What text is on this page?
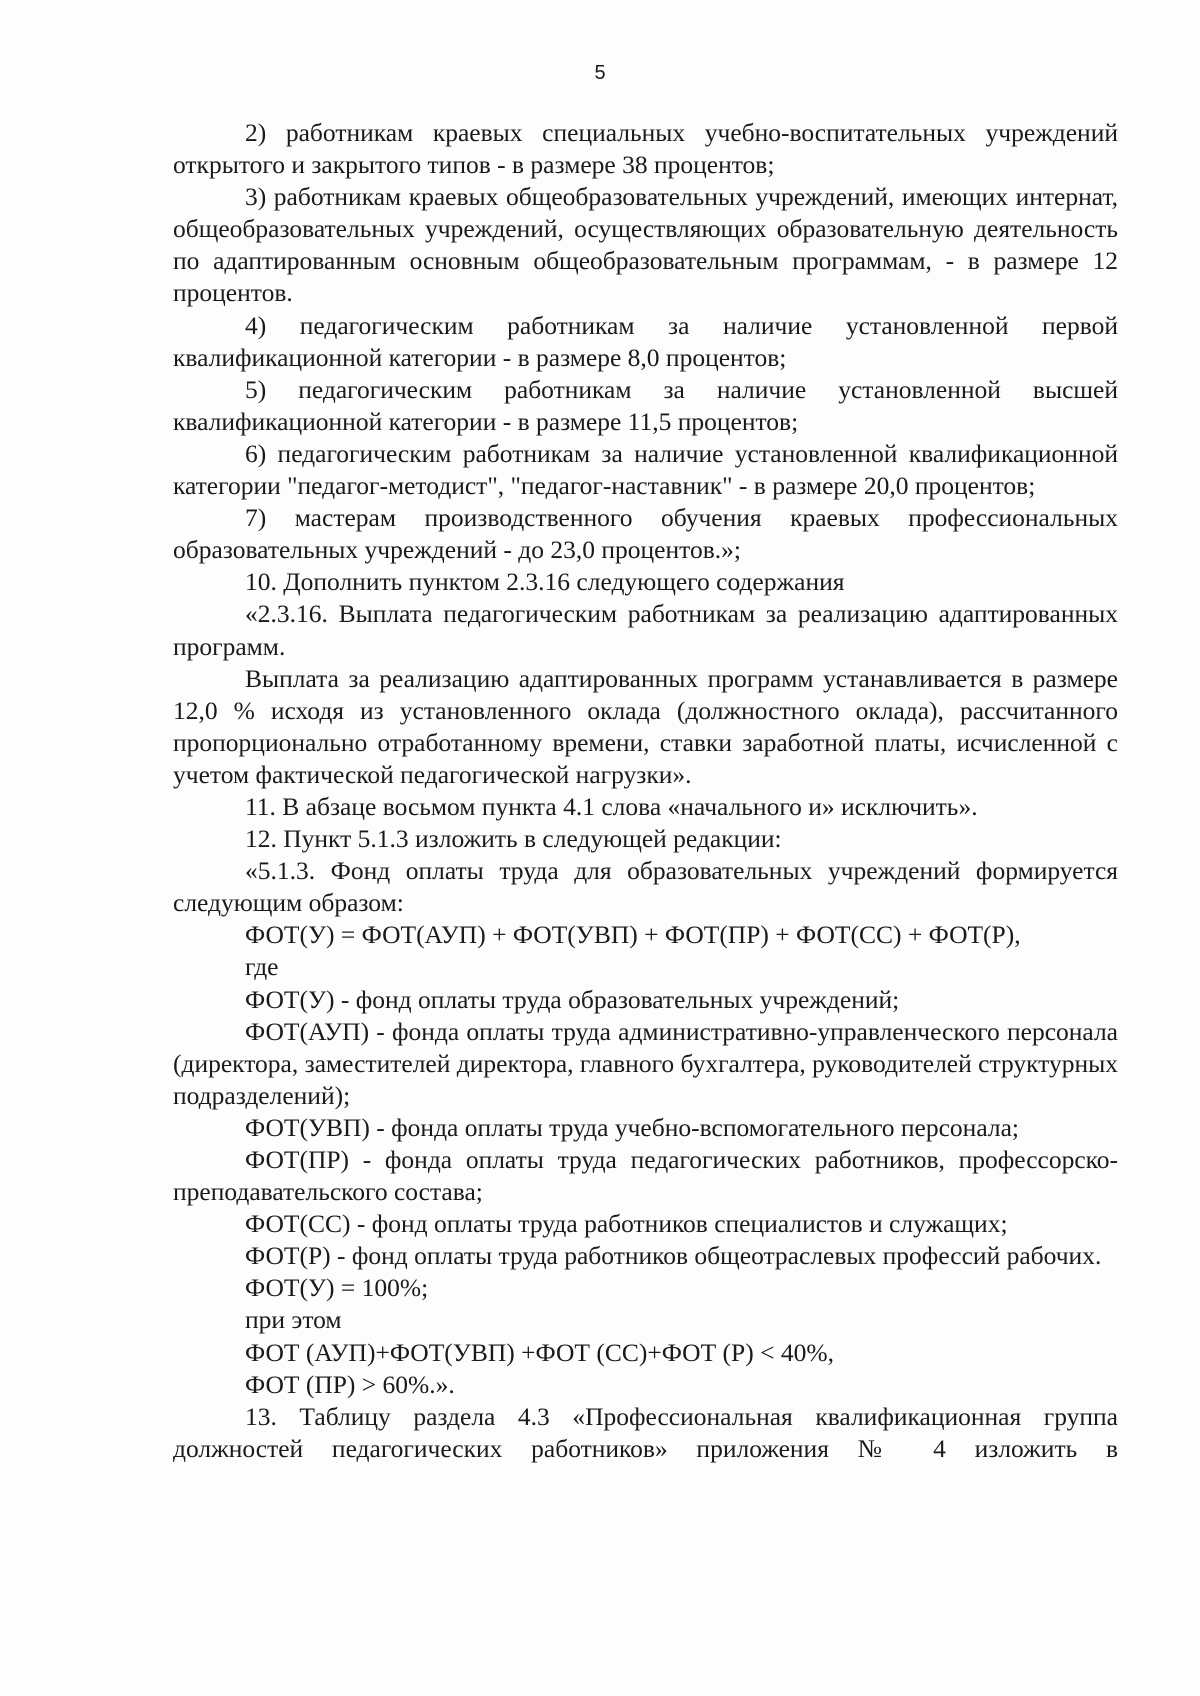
5

2) работникам краевых специальных учебно-воспитательных учреждений открытого и закрытого типов - в размере 38 процентов;

3) работникам краевых общеобразовательных учреждений, имеющих интернат, общеобразовательных учреждений, осуществляющих образовательную деятельность по адаптированным основным общеобразовательным программам, - в размере 12 процентов.

4) педагогическим работникам за наличие установленной первой квалификационной категории - в размере 8,0 процентов;

5) педагогическим работникам за наличие установленной высшей квалификационной категории - в размере 11,5 процентов;

6) педагогическим работникам за наличие установленной квалификационной категории "педагог-методист", "педагог-наставник" - в размере 20,0 процентов;

7) мастерам производственного обучения краевых профессиональных образовательных учреждений - до 23,0 процентов.»;

10. Дополнить пунктом 2.3.16 следующего содержания

«2.3.16. Выплата педагогическим работникам за реализацию адаптированных программ.

Выплата за реализацию адаптированных программ устанавливается в размере 12,0 % исходя из установленного оклада (должностного оклада), рассчитанного пропорционально отработанному времени, ставки заработной платы, исчисленной с учетом фактической педагогической нагрузки».

11. В абзаце восьмом пункта 4.1 слова «начального и» исключить».

12. Пункт 5.1.3 изложить в следующей редакции:

«5.1.3. Фонд оплаты труда для образовательных учреждений формируется следующим образом:

ФОТ(У) = ФОТ(АУП) + ФОТ(УВП) + ФОТ(ПР) + ФОТ(СС) + ФОТ(Р),

где

ФОТ(У) - фонд оплаты труда образовательных учреждений;

ФОТ(АУП) - фонда оплаты труда административно-управленческого персонала (директора, заместителей директора, главного бухгалтера, руководителей структурных подразделений);

ФОТ(УВП) - фонда оплаты труда учебно-вспомогательного персонала;

ФОТ(ПР) - фонда оплаты труда педагогических работников, профессорско-преподавательского состава;

ФОТ(СС) - фонд оплаты труда работников специалистов и служащих;

ФОТ(Р) - фонд оплаты труда работников общеотраслевых профессий рабочих.

ФОТ(У) = 100%;

при этом

ФОТ (АУП)+ФОТ(УВП) +ФОТ (СС)+ФОТ (Р) < 40%,

ФОТ (ПР) > 60%.».

13. Таблицу раздела 4.3 «Профессиональная квалификационная группа должностей педагогических работников» приложения № 4 изложить в
